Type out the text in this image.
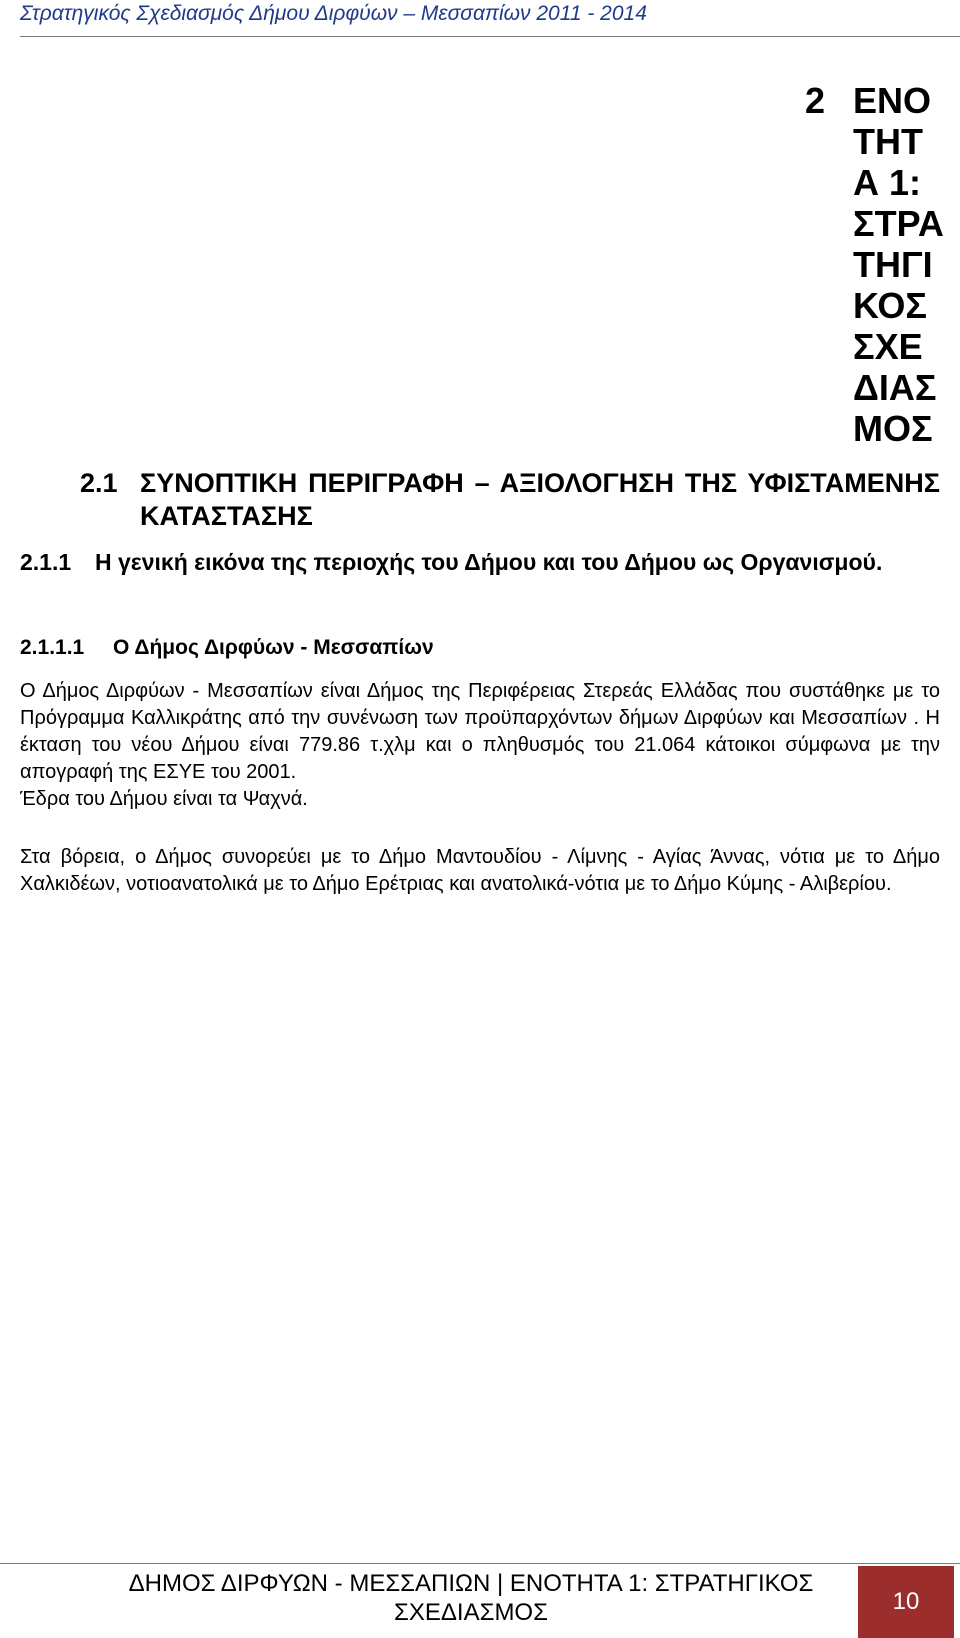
Στρατηγικός Σχεδιασμός Δήμου Διρφύων – Μεσσαπίων 2011 - 2014
2 ΕΝΟ
ΤΗΤ
Α 1:
ΣΤΡΑ
ΤΗΓΙ
ΚΟΣ
ΣΧΕ
ΔΙΑΣ
ΜΟΣ
2.1 ΣΥΝΟΠΤΙΚΗ ΠΕΡΙΓΡΑΦΗ – ΑΞΙΟΛΟΓΗΣΗ ΤΗΣ ΥΦΙΣΤΑΜΕΝΗΣ ΚΑΤΑΣΤΑΣΗΣ
2.1.1 Η γενική εικόνα της περιοχής του Δήμου και του Δήμου ως Οργανισμού.
2.1.1.1 Ο Δήμος Διρφύων - Μεσσαπίων

Ο Δήμος Διρφύων - Μεσσαπίων είναι Δήμος της Περιφέρειας Στερεάς Ελλάδας που συστάθηκε με το Πρόγραμμα Καλλικράτης από την συνένωση των προϋπαρχόντων δήμων Διρφύων και Μεσσαπίων . Η έκταση του νέου Δήμου είναι 779.86 τ.χλμ και ο πληθυσμός του 21.064 κάτοικοι σύμφωνα με την απογραφή της ΕΣΥΕ του 2001.

Έδρα του Δήμου είναι τα Ψαχνά.

Στα βόρεια, ο Δήμος συνορεύει με το Δήμο Μαντουδίου - Λίμνης - Αγίας Άννας, νότια με το Δήμο Χαλκιδέων, νοτιοανατολικά με το Δήμο Ερέτριας και ανατολικά-νότια με το Δήμο Κύμης - Αλιβερίου.

ΔΗΜΟΣ ΔΙΡΦΥΩΝ - ΜΕΣΣΑΠΙΩΝ | ΕΝΟΤΗΤΑ 1: ΣΤΡΑΤΗΓΙΚΟΣ ΣΧΕΔΙΑΣΜΟΣ	10
